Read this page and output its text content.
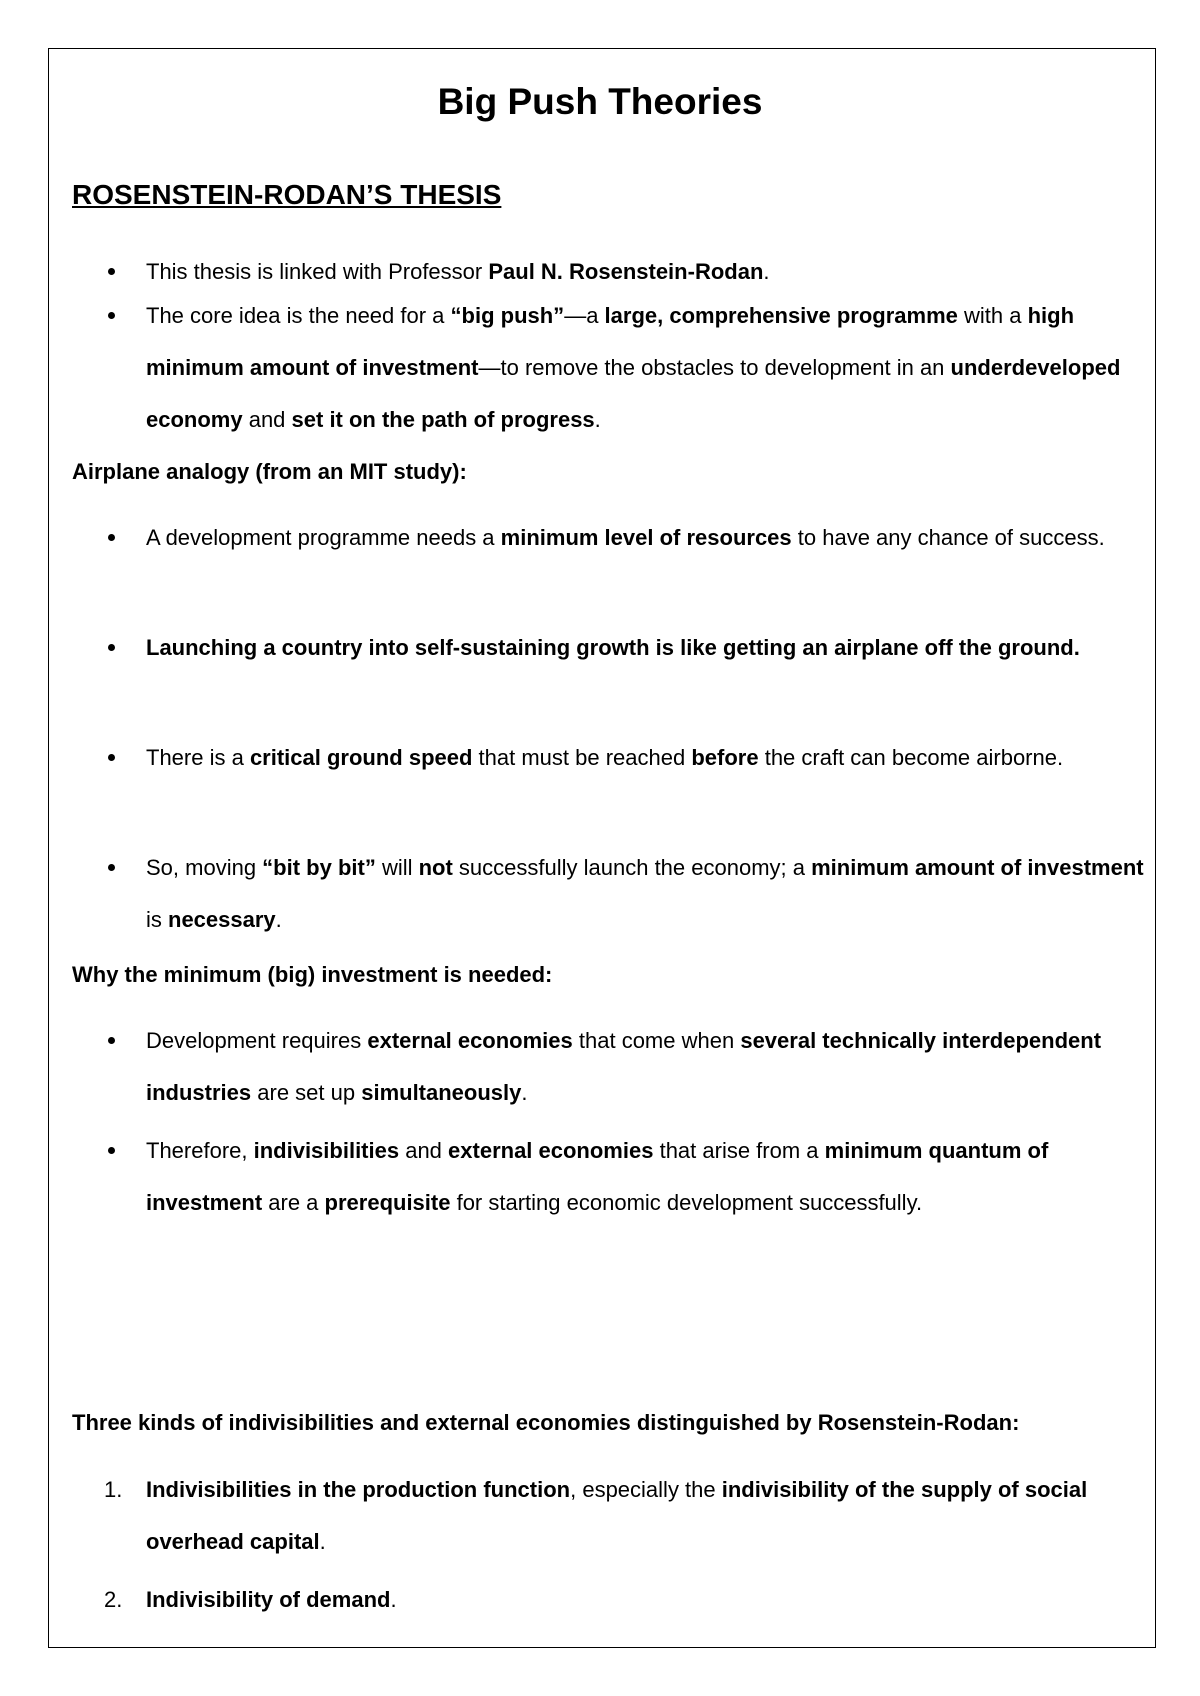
Big Push Theories
ROSENSTEIN-RODAN’S THESIS
This thesis is linked with Professor Paul N. Rosenstein-Rodan.
The core idea is the need for a “big push”—a large, comprehensive programme with a high minimum amount of investment—to remove the obstacles to development in an underdeveloped economy and set it on the path of progress.

Airplane analogy (from an MIT study):

A development programme needs a minimum level of resources to have any chance of success.
Launching a country into self-sustaining growth is like getting an airplane off the ground.
There is a critical ground speed that must be reached before the craft can become airborne.
So, moving “bit by bit” will not successfully launch the economy; a minimum amount of investment is necessary.

Why the minimum (big) investment is needed:

Development requires external economies that come when several technically interdependent industries are set up simultaneously.
Therefore, indivisibilities and external economies that arise from a minimum quantum of investment are a prerequisite for starting economic development successfully.

Three kinds of indivisibilities and external economies distinguished by Rosenstein-Rodan:

1.	Indivisibilities in the production function, especially the indivisibility of the supply of social overhead capital.
2.	Indivisibility of demand.
